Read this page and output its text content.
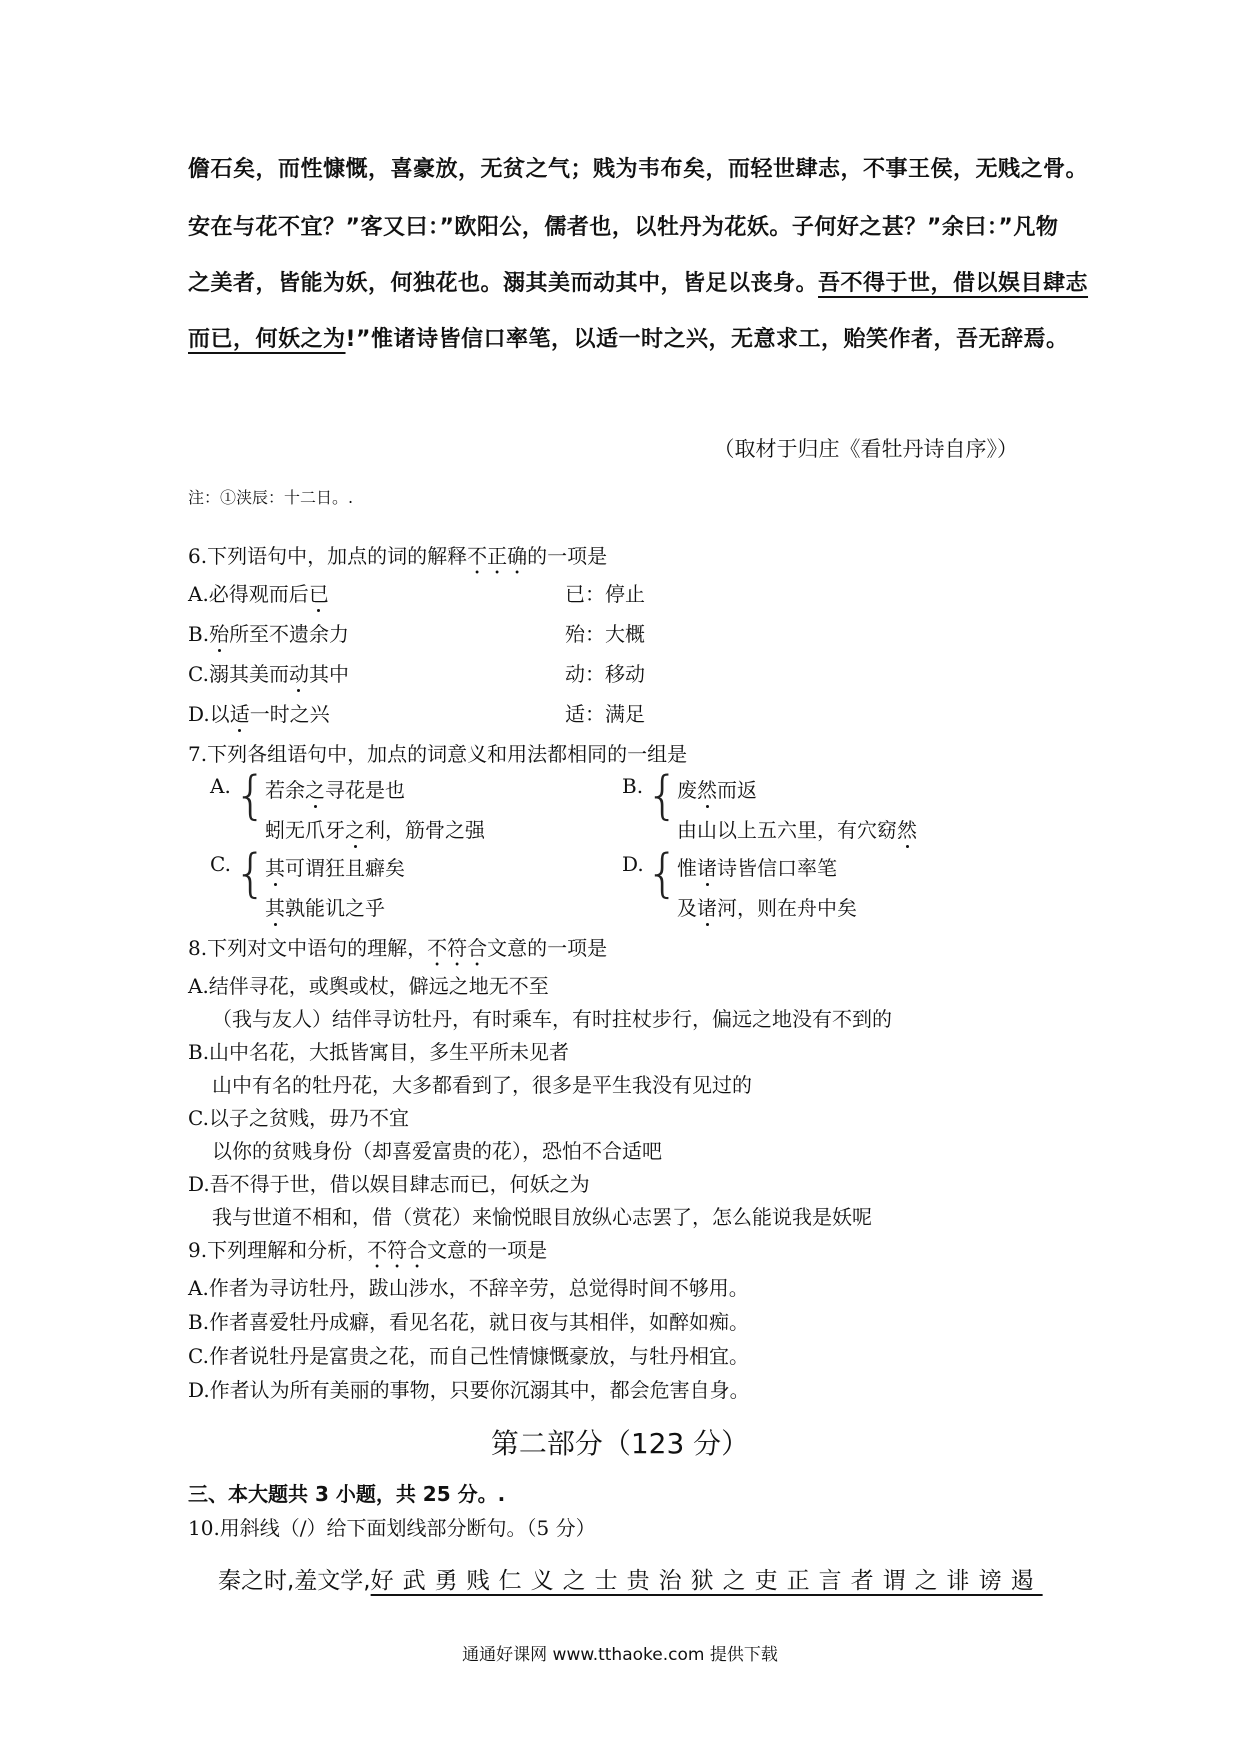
儋石矣，而性慷慨，喜豪放，无贫之气；贱为韦布矣，而轻世肆志，不事王侯，无贱之骨。
安在与花不宜？”客又曰：”欧阳公，儒者也，以牡丹为花妖。子何好之甚？”余曰：”凡物
之美者，皆能为妖，何独花也。溺其美而动其中，皆足以丧身。吾不得于世，借以娱目肆志
而已，何妖之为!”惟诸诗皆信口率笔，以适一时之兴，无意求工，贻笑作者，吾无辞焉。
（取材于归庄《看牡丹诗自序》）
注：①浃辰：十二日。.
6.下列语句中，加点的词的解释不正确的一项是
A.必得观而后已	已：停止
B.殆所至不遗余力	殆：大概
C.溺其美而动其中	动：移动
D.以适一时之兴	适：满足
7.下列各组语句中，加点的词意义和用法都相同的一组是
A. {
若余之寻花是也
蚓无爪牙之利，筋骨之强
B. {
废然而返
由山以上五六里，有穴窈然
C. {
其可谓狂且癖矣
其孰能讥之乎
D. {
惟诸诗皆信口率笔
及诸河，则在舟中矣
8.下列对文中语句的理解，不符合文意的一项是
A.结伴寻花，或舆或杖，僻远之地无不至
（我与友人）结伴寻访牡丹，有时乘车，有时拄杖步行，偏远之地没有不到的
B.山中名花，大抵皆寓目，多生平所未见者
山中有名的牡丹花，大多都看到了，很多是平生我没有见过的
C.以子之贫贱，毋乃不宜
以你的贫贱身份（却喜爱富贵的花），恐怕不合适吧
D.吾不得于世，借以娱目肆志而已，何妖之为
我与世道不相和，借（赏花）来愉悦眼目放纵心志罢了，怎么能说我是妖呢
9.下列理解和分析，不符合文意的一项是
A.作者为寻访牡丹，跋山涉水，不辞辛劳，总觉得时间不够用。
B.作者喜爱牡丹成癖，看见名花，就日夜与其相伴，如醉如痴。
C.作者说牡丹是富贵之花，而自己性情慷慨豪放，与牡丹相宜。
D.作者认为所有美丽的事物，只要你沉溺其中，都会危害自身。
第二部分（123 分）
三、本大题共 3 小题，共 25 分。.
10.用斜线（/）给下面划线部分断句。（5 分）
秦之时,羞文学,好武勇贱仁义之士贵治狱之吏正言者谓之诽谤遏
通通好课网 www.tthaoke.com 提供下载
